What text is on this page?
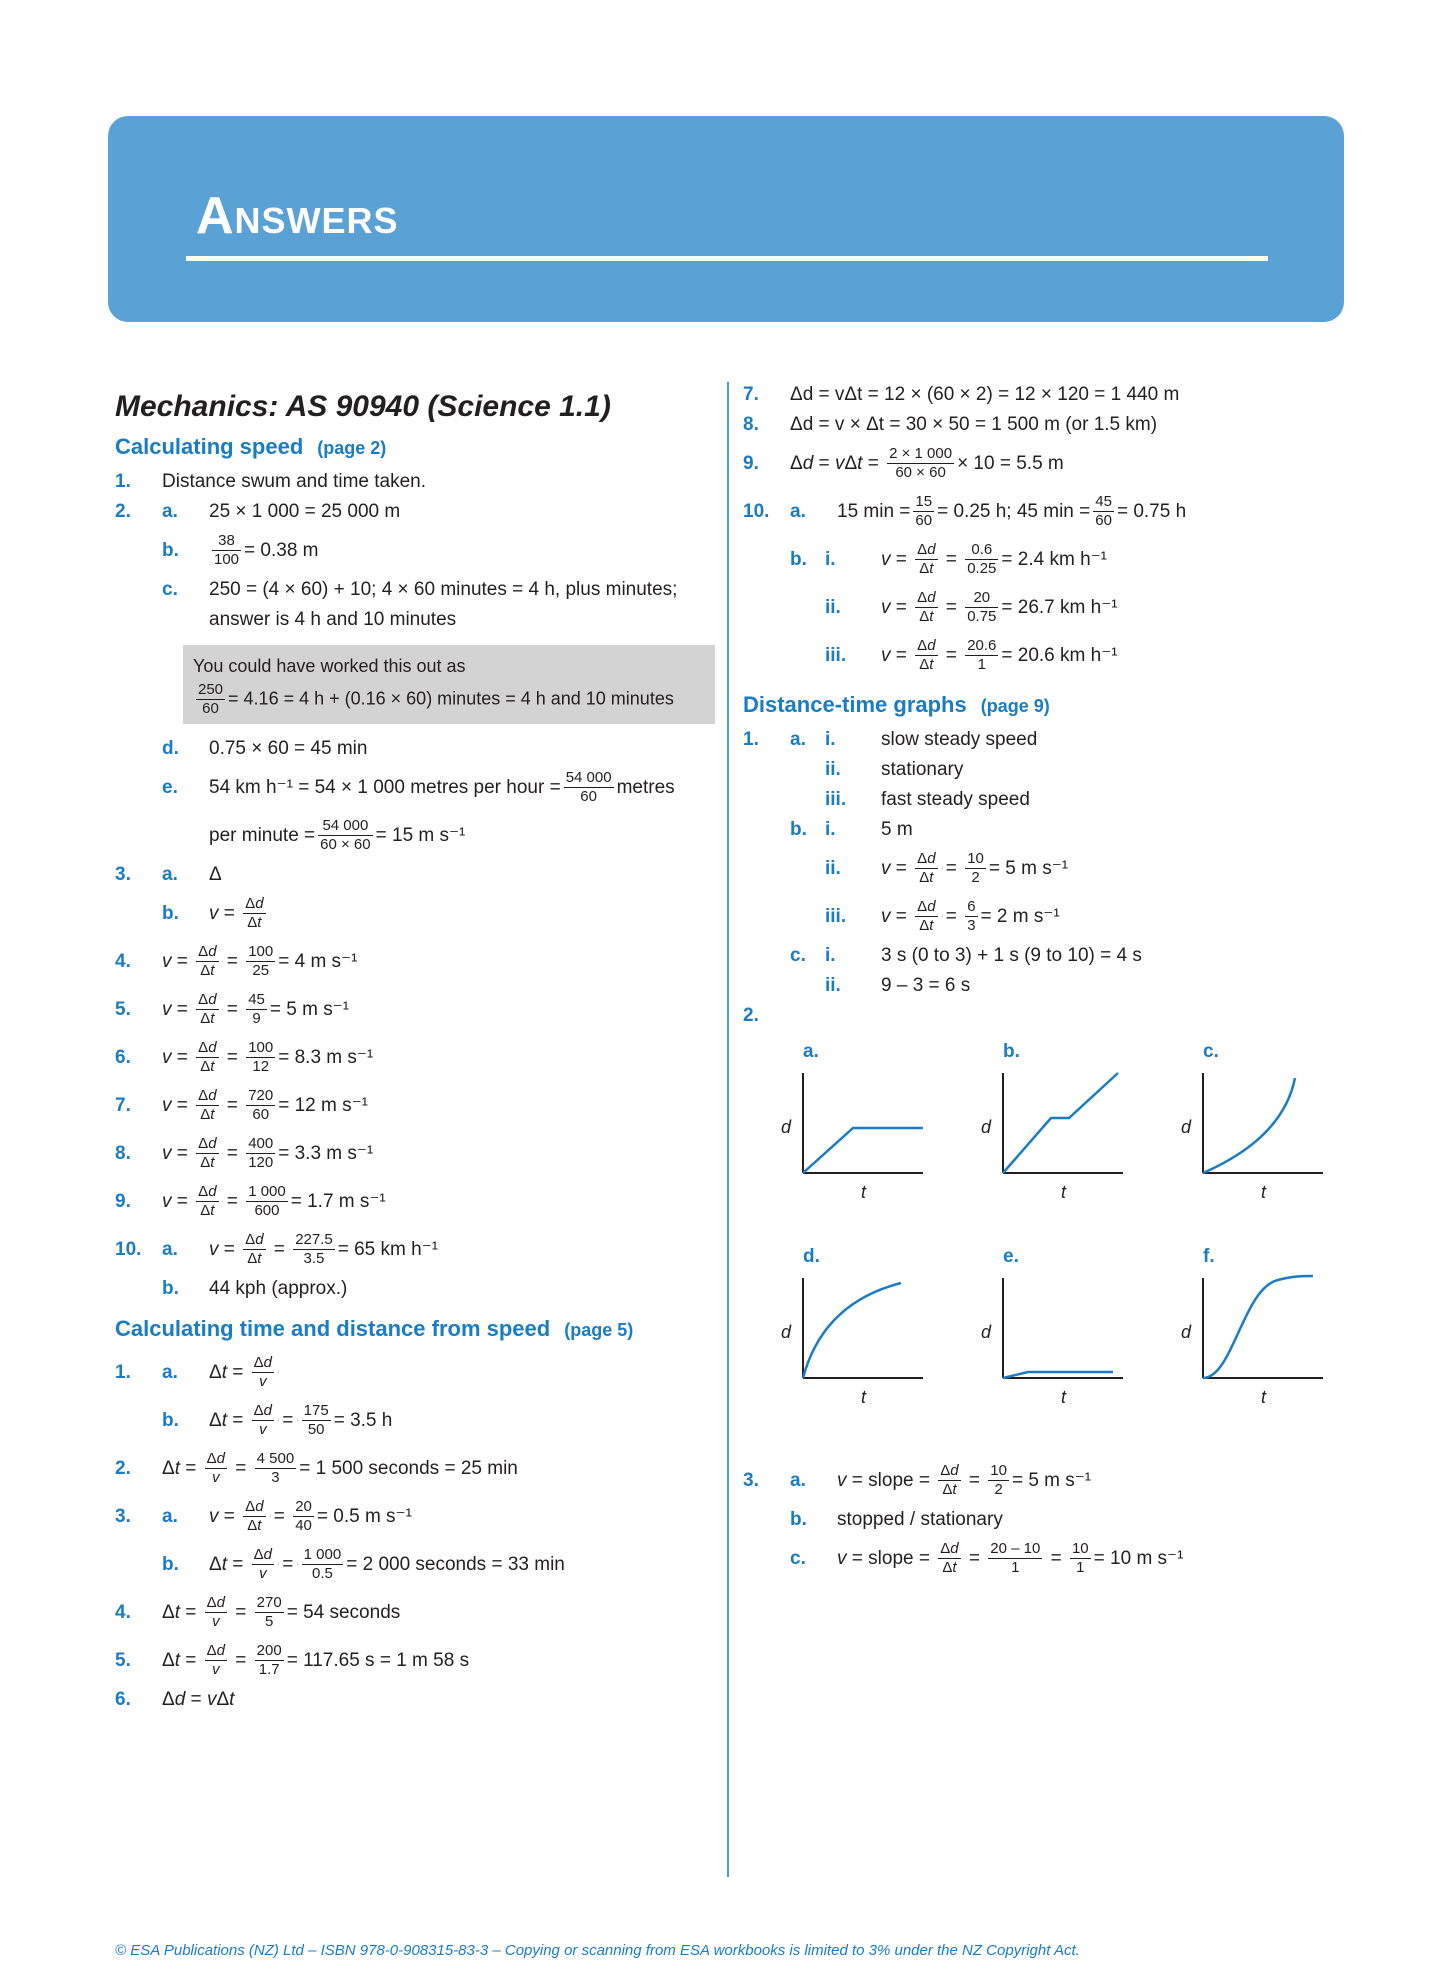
Answers
Mechanics: AS 90940 (Science 1.1)
Calculating speed (page 2)
1. Distance swum and time taken.
2. a. 25 × 1 000 = 25 000 m
b. $\frac{38}{100} = 0.38$ m
c. 250 = (4 × 60) + 10; 4 × 60 minutes = 4 h, plus minutes;
answer is 4 h and 10 minutes
You could have worked this out as
$\frac{250}{60} = 4.16 = 4$ h + (0.16 × 60) minutes = 4 h and 10 minutes
d. 0.75 × 60 = 45 min
e. 54 km h⁻¹ = 54 × 1 000 metres per hour = $\frac{54 000}{60}$ metres
per minute = $\frac{54 000}{60 \times 60} = 15$ m s⁻¹
3. a. Δ
b. $v = \frac{\Delta d}{\Delta t}$
4. $v = \frac{\Delta d}{\Delta t} = \frac{100}{25} = 4$ m s⁻¹
5. $v = \frac{\Delta d}{\Delta t} = \frac{45}{9} = 5$ m s⁻¹
6. $v = \frac{\Delta d}{\Delta t} = \frac{100}{12} = 8.3$ m s⁻¹
7. $v = \frac{\Delta d}{\Delta t} = \frac{720}{60} = 12$ m s⁻¹
8. $v = \frac{\Delta d}{\Delta t} = \frac{400}{120} = 3.3$ m s⁻¹
9. $v = \frac{\Delta d}{\Delta t} = \frac{1 000}{600} = 1.7$ m s⁻¹
10. a. $v = \frac{\Delta d}{\Delta t} = \frac{227.5}{3.5} = 65$ km h⁻¹
b. 44 kph (approx.)
Calculating time and distance from speed (page 5)
1. a. $\Delta t = \frac{\Delta d}{v}$
b. $\Delta t = \frac{\Delta d}{v} = \frac{175}{50} = 3.5$ h
2. $\Delta t = \frac{\Delta d}{v} = \frac{4 500}{3} = 1$ 500 seconds = 25 min
3. a. $v = \frac{\Delta d}{\Delta t} = \frac{20}{40} = 0.5$ m s⁻¹
b. $\Delta t = \frac{\Delta d}{v} = \frac{1 000}{0.5} = 2$ 000 seconds = 33 min
4. $\Delta t = \frac{\Delta d}{v} = \frac{270}{5} = 54$ seconds
5. $\Delta t = \frac{\Delta d}{v} = \frac{200}{1.7} = 117.65$ s = 1 m 58 s
6. Δd = vΔt
7. Δd = vΔt = 12 × (60 × 2) = 12 × 120 = 1 440 m
8. Δd = v × Δt = 30 × 50 = 1 500 m (or 1.5 km)
9. $\Delta d = v\Delta t = \frac{2 \times 1 000}{60 \times 60} \times 10 = 5.5$ m
10. a. 15 $\min = \frac{15}{60} = 0.25$ h; 45 $\min = \frac{45}{60} = 0.75$ h
b. i. $v = \frac{\Delta d}{\Delta t} = \frac{0.6}{0.25} = 2.4$ km h⁻¹
ii. $v = \frac{\Delta d}{\Delta t} = \frac{20}{0.75} = 26.7$ km h⁻¹
iii. $v = \frac{\Delta d}{\Delta t} = \frac{20.6}{1} = 20.6$ km h⁻¹
Distance-time graphs (page 9)
1. a. i. slow steady speed
ii. stationary
iii. fast steady speed
b. i. 5 m
ii. $v = \frac{\Delta d}{\Delta t} = \frac{10}{2} = 5$ m s⁻¹
iii. $v = \frac{\Delta d}{\Delta t} = \frac{6}{3} = 2$ m s⁻¹
c. i. 3 s (0 to 3) + 1 s (9 to 10) = 4 s
ii. 9 – 3 = 6 s
2.
a.
d
t
b.
d
t
c.
d
t
d.
d
t
e.
d
t
f.
d
t
3. a. v = slope = $\frac{\Delta d}{\Delta t} = \frac{10}{2} = 5$ m s⁻¹
b. stopped / stationary
c. v = slope = $\frac{\Delta d}{\Delta t} = \frac{20 - 10}{1} = \frac{10}{1} = 10$ m s⁻¹
© ESA Publications (NZ) Ltd – ISBN 978-0-908315-83-3 – Copying or scanning from ESA workbooks is limited to 3% under the NZ Copyright Act.
